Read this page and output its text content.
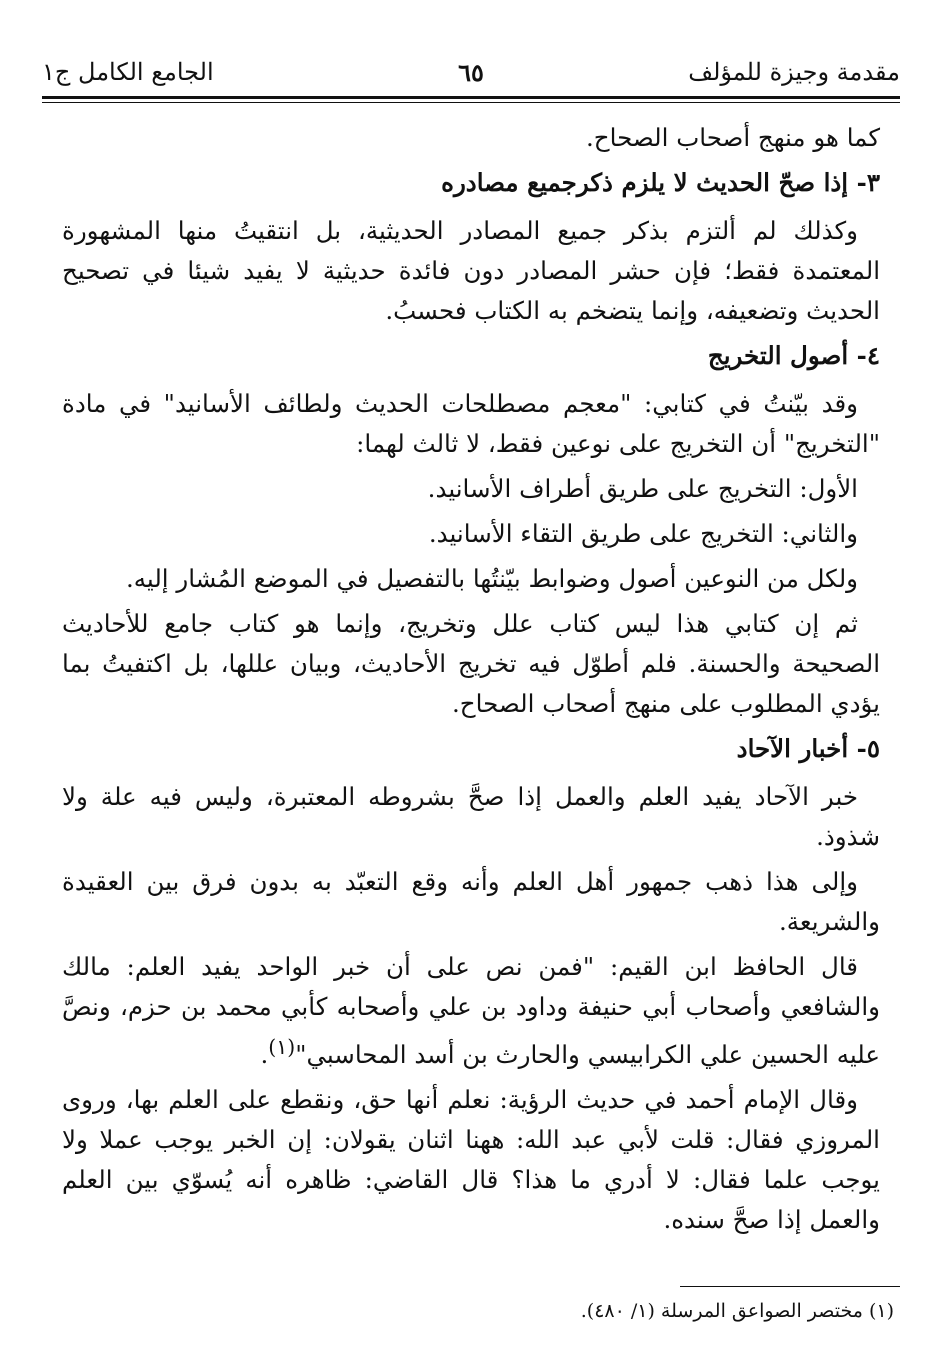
مقدمة وجيزة للمؤلف
٦٥
الجامع الكامل ج١

كما هو منهج أصحاب الصحاح.

٣- إذا صحّ الحديث لا يلزم ذكرجميع مصادره

وكذلك لم ألتزم بذكر جميع المصادر الحديثية، بل انتقيتُ منها المشهورة المعتمدة فقط؛ فإن حشر المصادر دون فائدة حديثية لا يفيد شيئا في تصحيح الحديث وتضعيفه، وإنما يتضخم به الكتاب فحسبُ.

٤- أصول التخريج

وقد بيّنتُ في كتابي: "معجم مصطلحات الحديث ولطائف الأسانيد" في مادة "التخريج" أن التخريج على نوعين فقط، لا ثالث لهما:

الأول: التخريج على طريق أطراف الأسانيد.

والثاني: التخريج على طريق التقاء الأسانيد.

ولكل من النوعين أصول وضوابط بيّنتُها بالتفصيل في الموضع المُشار إليه.

ثم إن كتابي هذا ليس كتاب علل وتخريج، وإنما هو كتاب جامع للأحاديث الصحيحة والحسنة. فلم أطوّل فيه تخريج الأحاديث، وبيان عللها، بل اكتفيتُ بما يؤدي المطلوب على منهج أصحاب الصحاح.

٥- أخبار الآحاد

خبر الآحاد يفيد العلم والعمل إذا صحَّ بشروطه المعتبرة، وليس فيه علة ولا شذوذ.

وإلى هذا ذهب جمهور أهل العلم وأنه وقع التعبّد به بدون فرق بين العقيدة والشريعة.

قال الحافظ ابن القيم: "فمن نص على أن خبر الواحد يفيد العلم: مالك والشافعي وأصحاب أبي حنيفة وداود بن علي وأصحابه كأبي محمد بن حزم، ونصَّ عليه الحسين علي الكرابيسي والحارث بن أسد المحاسبي"$^{(١)}$.

وقال الإمام أحمد في حديث الرؤية: نعلم أنها حق، ونقطع على العلم بها، وروى المروزي فقال: قلت لأبي عبد الله: ههنا اثنان يقولان: إن الخبر يوجب عملا ولا يوجب علما فقال: لا أدري ما هذا؟ قال القاضي: ظاهره أنه يُسوّي بين العلم والعمل إذا صحَّ سنده.

(١) مختصر الصواعق المرسلة (١/ ٤٨٠).
